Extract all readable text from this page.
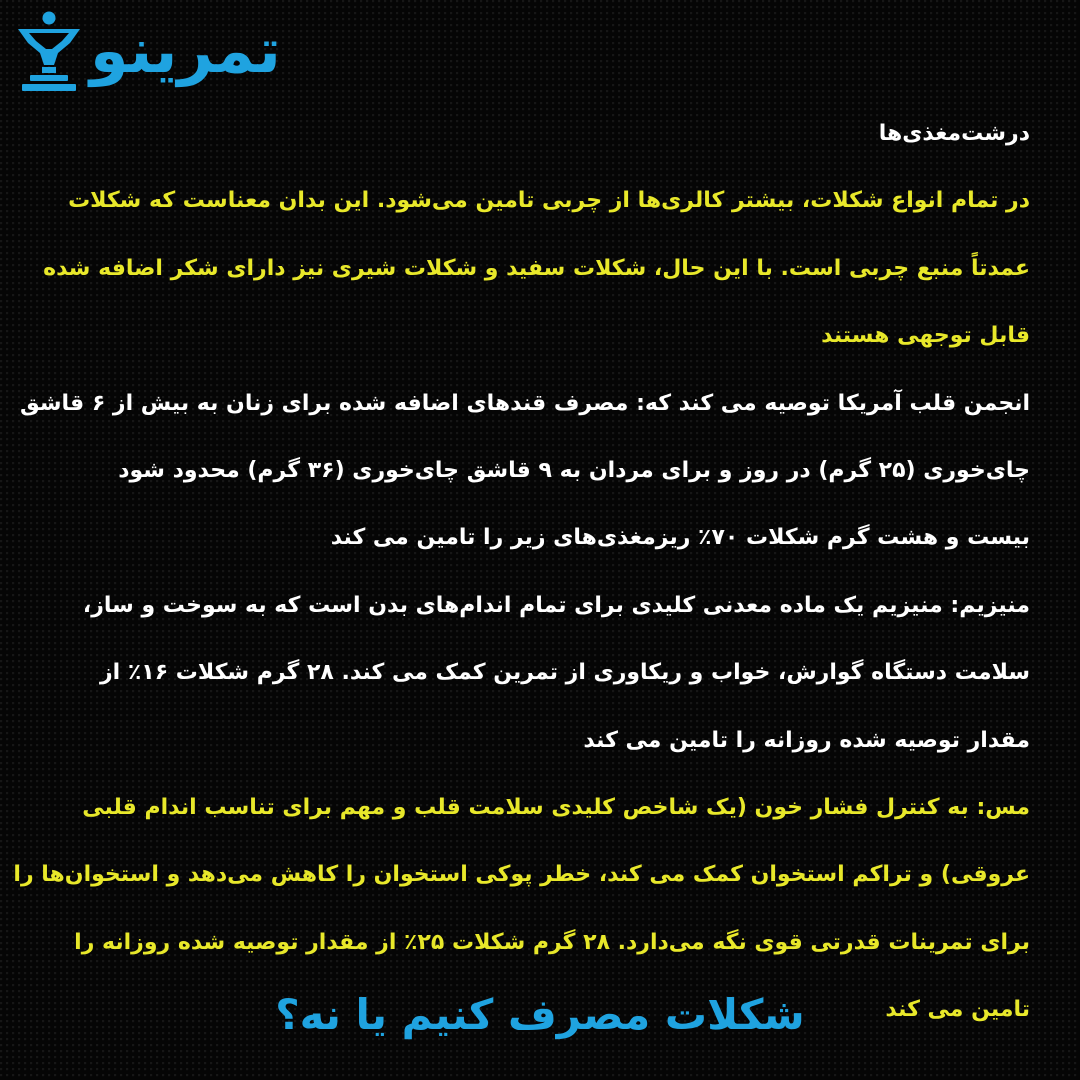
تمرینو

درشت‌مغذی‌ها

در تمام انواع شکلات، بیشتر کالری‌ها از چربی تامین می‌شود. این بدان معناست که شکلات

عمدتاً منبع چربی است. با این حال، شکلات سفید و شکلات شیری نیز دارای شکر اضافه شده

قابل توجهی هستند

انجمن قلب آمریکا توصیه می کند که: مصرف قندهای اضافه شده برای زنان به بیش از ۶ قاشق

چای‌خوری (۲۵ گرم) در روز و برای مردان به ۹ قاشق چای‌خوری (۳۶ گرم) محدود شود

بیست و هشت گرم شکلات ۷۰٪ ریزمغذی‌های زیر را تامین می کند

منیزیم: منیزیم یک ماده معدنی کلیدی برای تمام اندام‌های بدن است که به سوخت و ساز،

سلامت دستگاه گوارش، خواب و ریکاوری از تمرین کمک می کند. ۲۸ گرم شکلات ۱۶٪ از

مقدار توصیه شده روزانه را تامین می کند

مس: به کنترل فشار خون (یک شاخص کلیدی سلامت قلب و مهم برای تناسب اندام قلبی

عروقی) و تراکم استخوان کمک می کند، خطر پوکی استخوان را کاهش می‌دهد و استخوان‌ها را

برای تمرینات قدرتی قوی نگه می‌دارد. ۲۸ گرم شکلات ۲۵٪ از مقدار توصیه شده روزانه را

تامین می کند

شکلات مصرف کنیم یا نه؟
